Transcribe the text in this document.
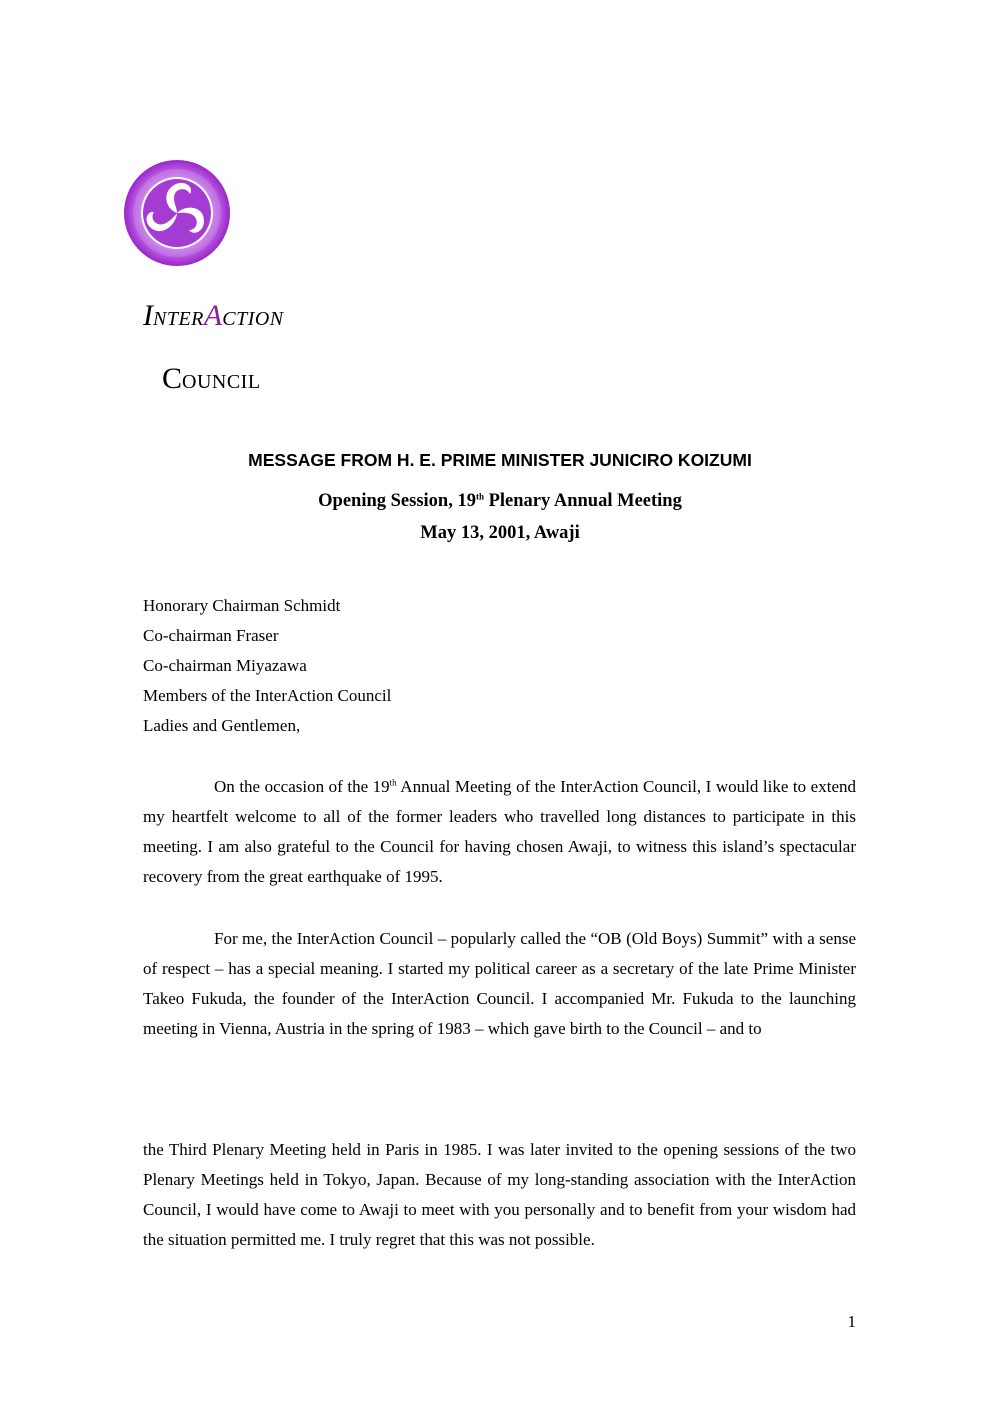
INTERACTION
COUNCIL
MESSAGE FROM H. E. PRIME MINISTER JUNICIRO KOIZUMI
Opening Session, 19th Plenary Annual Meeting
May 13, 2001, Awaji
Honorary Chairman Schmidt
Co-chairman Fraser
Co-chairman Miyazawa
Members of the InterAction Council
Ladies and Gentlemen,

On the occasion of the 19th Annual Meeting of the InterAction Council, I would like to extend my heartfelt welcome to all of the former leaders who travelled long distances to participate in this meeting. I am also grateful to the Council for having chosen Awaji, to witness this island’s spectacular recovery from the great earthquake of 1995.

For me, the InterAction Council – popularly called the “OB (Old Boys) Summit” with a sense of respect – has a special meaning. I started my political career as a secretary of the late Prime Minister Takeo Fukuda, the founder of the InterAction Council. I accompanied Mr. Fukuda to the launching meeting in Vienna, Austria in the spring of 1983 – which gave birth to the Council – and to

the Third Plenary Meeting held in Paris in 1985. I was later invited to the opening sessions of the two Plenary Meetings held in Tokyo, Japan. Because of my long-standing association with the InterAction Council, I would have come to Awaji to meet with you personally and to benefit from your wisdom had the situation permitted me. I truly regret that this was not possible.

1
